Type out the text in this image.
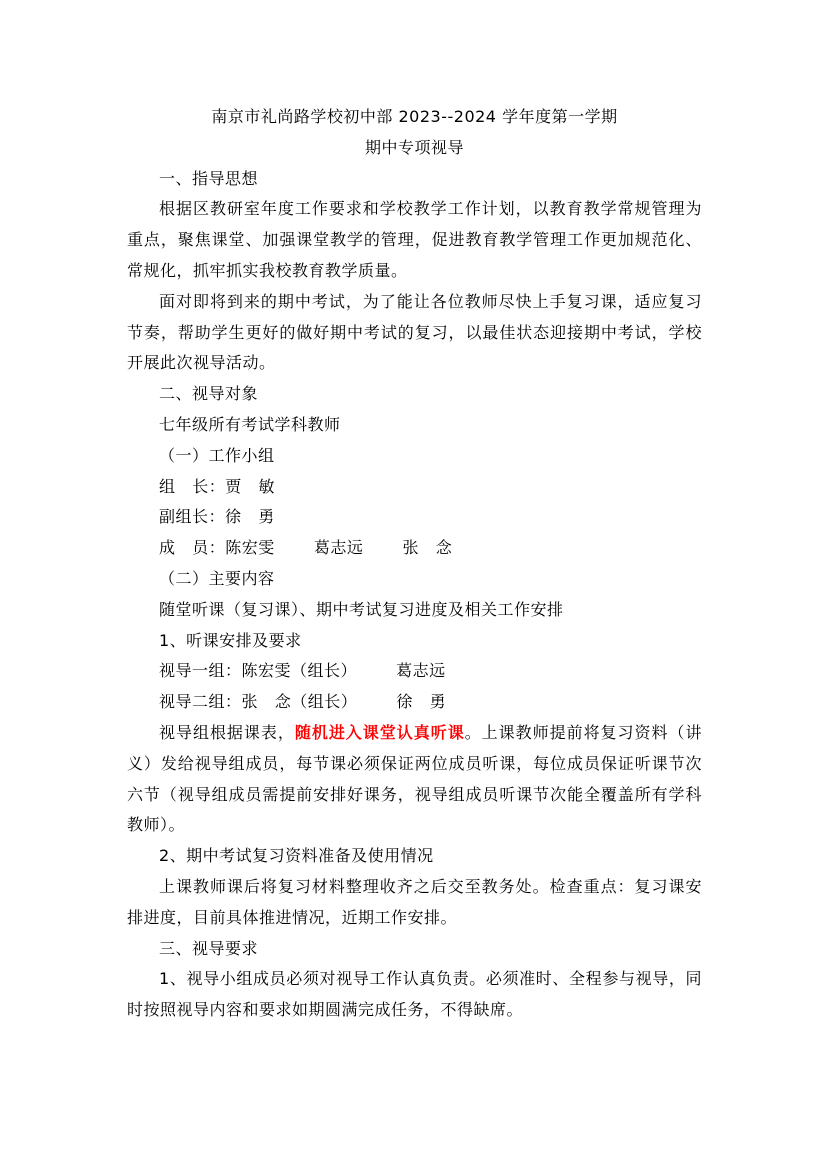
南京市礼尚路学校初中部 2023--2024 学年度第一学期

期中专项视导

一、指导思想

根据区教研室年度工作要求和学校教学工作计划，以教育教学常规管理为重点，聚焦课堂、加强课堂教学的管理，促进教育教学管理工作更加规范化、常规化，抓牢抓实我校教育教学质量。

面对即将到来的期中考试，为了能让各位教师尽快上手复习课，适应复习节奏，帮助学生更好的做好期中考试的复习，以最佳状态迎接期中考试，学校开展此次视导活动。

二、视导对象

七年级所有考试学科教师

（一）工作小组

组   长：贾   敏

副组长：徐   勇

成   员：陈宏雯       葛志远       张   念

（二）主要内容

随堂听课（复习课）、期中考试复习进度及相关工作安排

1、听课安排及要求

视导一组：陈宏雯（组长）       葛志远

视导二组：张   念（组长）       徐   勇

视导组根据课表，随机进入课堂认真听课。上课教师提前将复习资料（讲义）发给视导组成员，每节课必须保证两位成员听课，每位成员保证听课节次六节（视导组成员需提前安排好课务，视导组成员听课节次能全覆盖所有学科教师）。

2、期中考试复习资料准备及使用情况

上课教师课后将复习材料整理收齐之后交至教务处。检查重点：复习课安排进度，目前具体推进情况，近期工作安排。

三、视导要求

1、视导小组成员必须对视导工作认真负责。必须准时、全程参与视导，同时按照视导内容和要求如期圆满完成任务，不得缺席。
